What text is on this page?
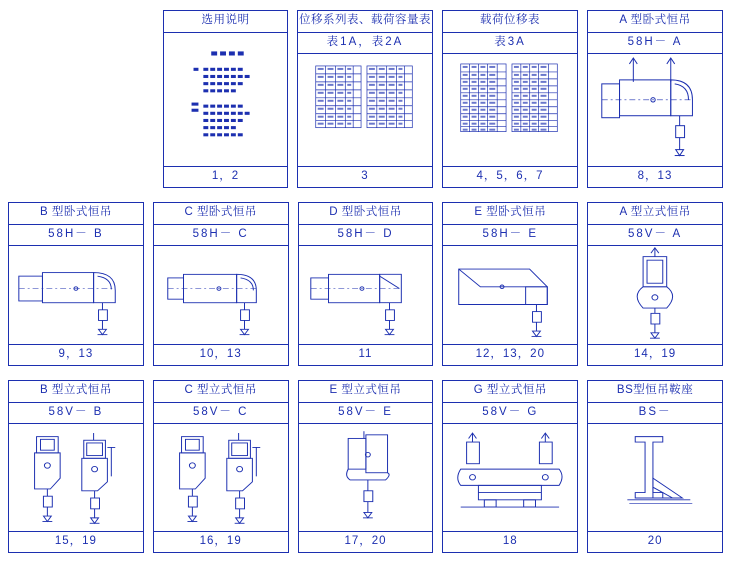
选用说明
1，2
位移系列表、载荷容量表
表1A，表2A
3
载荷位移表
表3A
4，5，6，7
A 型卧式恒吊
58H－ A
8，13
B 型卧式恒吊
58H－ B
9，13
C 型卧式恒吊
58H－ C
10，13
D 型卧式恒吊
58H－ D
11
E 型卧式恒吊
58H－ E
12，13，20
A 型立式恒吊
58V－ A
14，19
B 型立式恒吊
58V－ B
15，19
C 型立式恒吊
58V－ C
16，19
E 型立式恒吊
58V－ E
17，20
G 型立式恒吊
58V－ G
18
BS型恒吊鞍座
BS－
20
